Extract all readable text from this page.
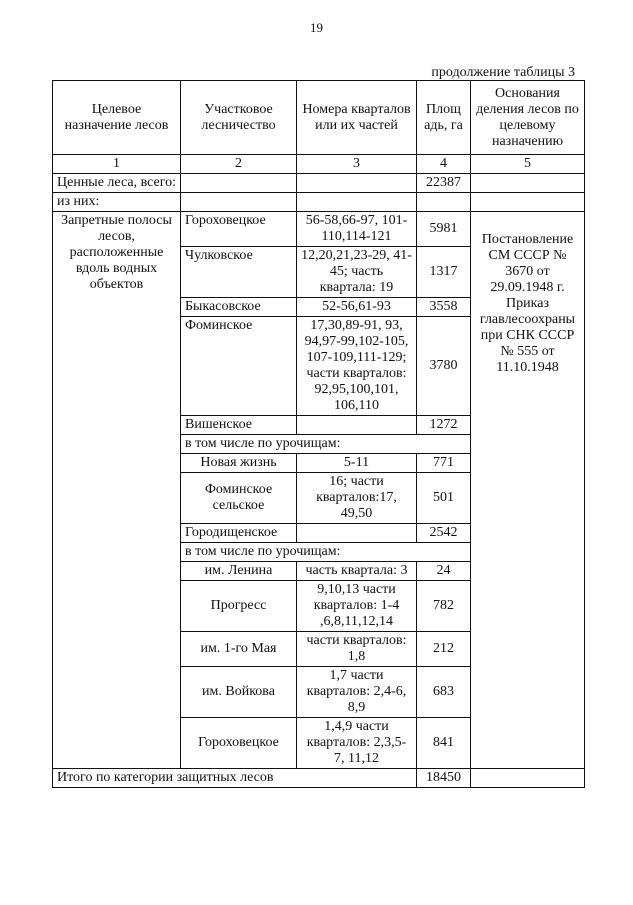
19
продолжение таблицы 3
Целевое назначение лесов	Участковое лесничество	Номера кварталов или их частей	Площ адь, га	Основания деления лесов по целевому назначению
1	2	3	4	5
Ценные леса, всего:			22387	
из них:				
Запретные полосы лесов, расположенные вдоль водных объектов	Гороховецкое	56-58,66-97, 101-110,114-121	5981	Постановление СМ СССР № 3670 от 29.09.1948 г. Приказ главлесоохраны при СНК СССР № 555 от 11.10.1948
	Чулковское	12,20,21,23-29, 41-45; часть квартала: 19	1317	
	Быкасовское	52-56,61-93	3558	
	Фоминское	17,30,89-91, 93, 94,97-99,102-105, 107-109,111-129; части кварталов: 92,95,100,101, 106,110	3780	
	Вишенское		1272	
	в том числе по урочищам:			
	Новая жизнь	5-11	771	
	Фоминское сельское	16; части кварталов:17, 49,50	501	
	Городищенское		2542	
	в том числе по урочищам:			
	им. Ленина	часть квартала: 3	24	
	Прогресс	9,10,13 части кварталов: 1-4 ,6,8,11,12,14	782	
	им. 1-го Мая	части кварталов: 1,8	212	
	им. Войкова	1,7 части кварталов: 2,4-6, 8,9	683	
	Гороховецкое	1,4,9 части кварталов: 2,3,5- 7, 11,12	841	
Итого по категории защитных лесов			18450	
